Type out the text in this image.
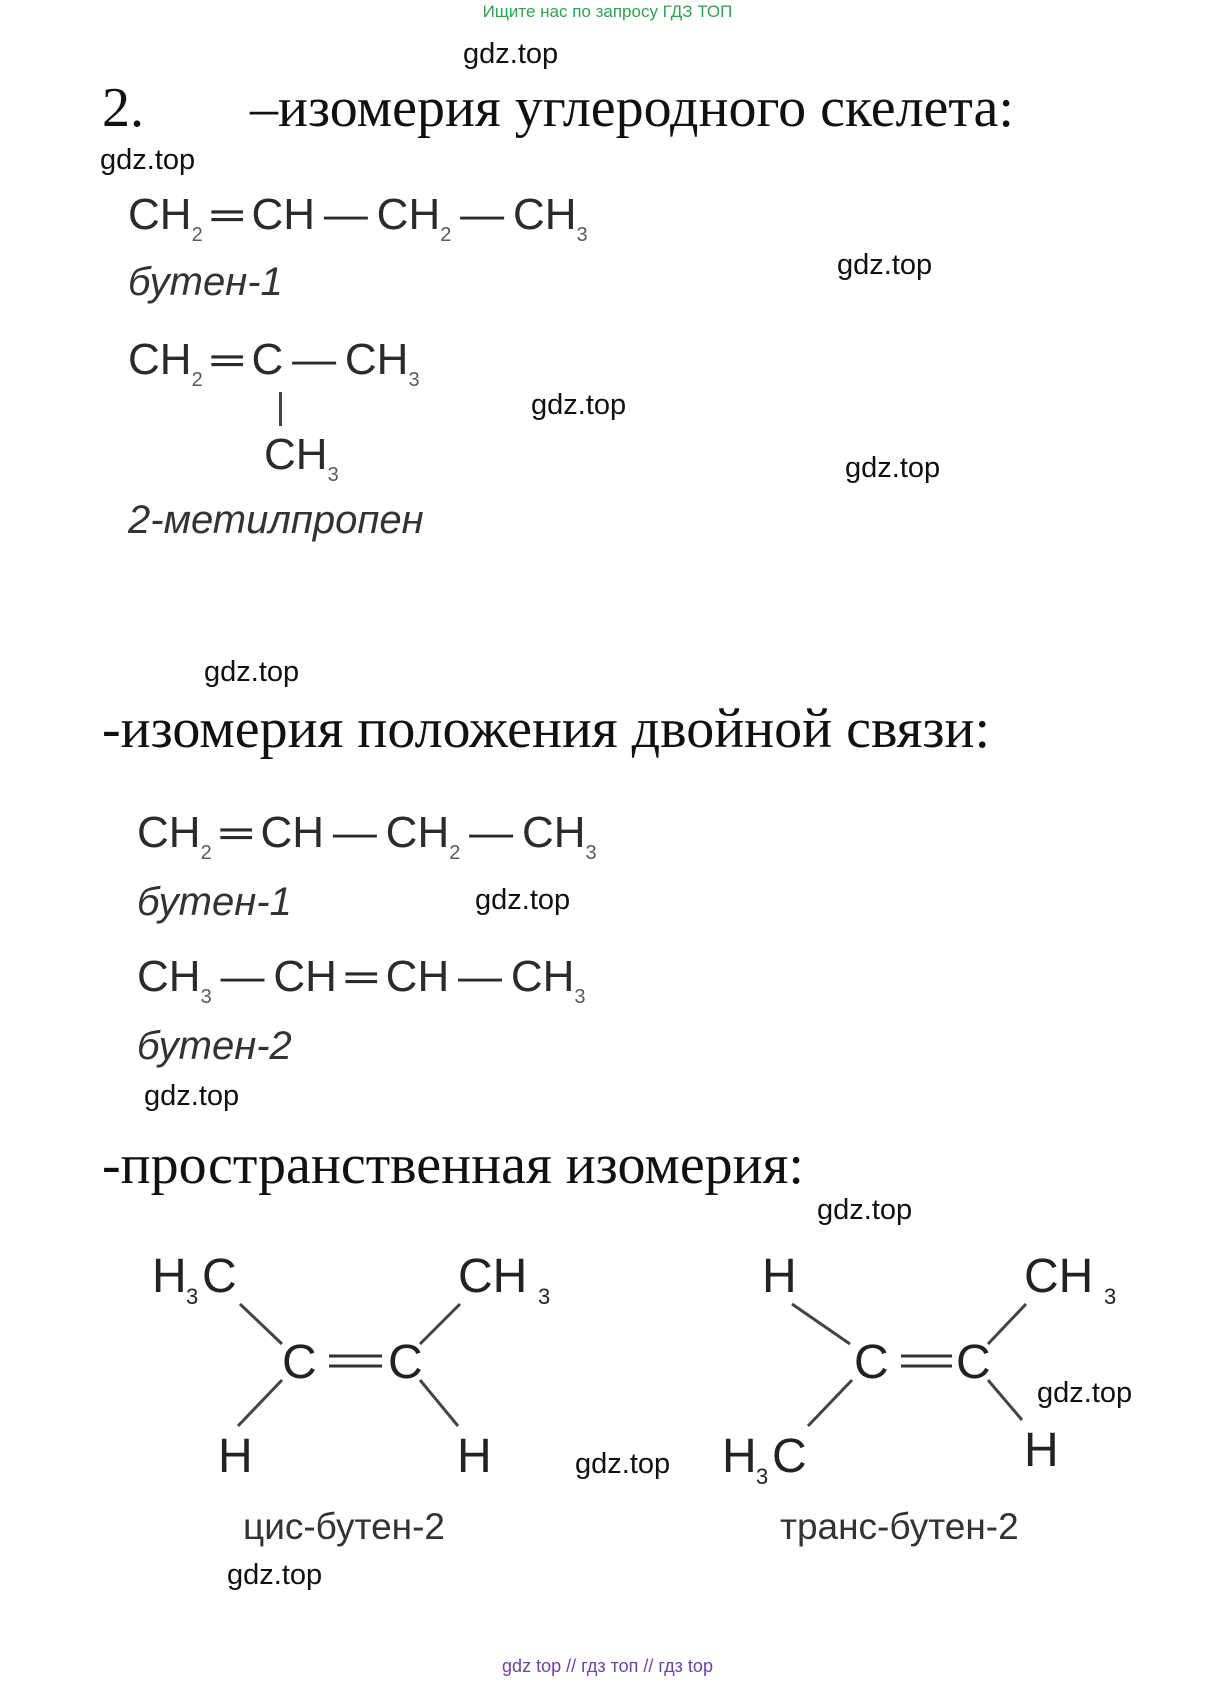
Ищите нас по запросу ГДЗ ТОП
gdz.top
gdz.top
gdz.top
gdz.top
gdz.top
gdz.top
gdz.top
gdz.top
gdz.top
gdz.top
gdz.top
gdz.top
2. –изомерия углеродного скелета:
$CH_2$ ═ CH — $CH_2$ — $CH_3$
бутен-1
$CH_2$ ═ C — $CH_3$
$CH_3$
2-метилпропен
-изомерия положения двойной связи:
$CH_2$ ═ CH — $CH_2$ — $CH_3$
бутен-1
$CH_3$ — CH ═ CH — $CH_3$
бутен-2
-пространственная изомерия:
H 3 C	CH 3
C C
H	H
цис-бутен-2
H	CH 3
C C
H 3 C	H
транс-бутен-2
gdz top // гдз топ // гдз top
